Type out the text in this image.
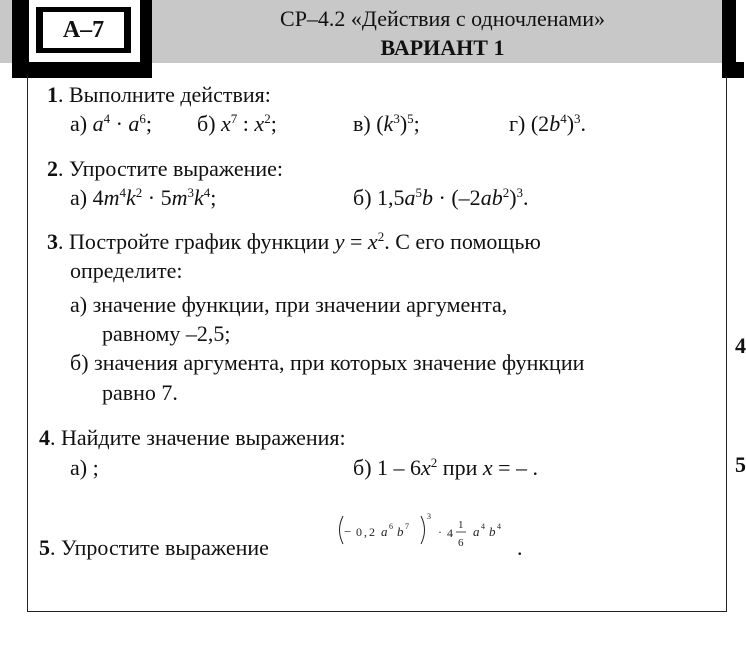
А–7	СР–4.2 «Действия с одночленами»
ВАРИАНТ 1
1. Выполните действия:
а) $a^4 \cdot a^6$; б) $x^7$ : $x^2$;	в) $(k^3)^5$;	г) $(2b^4)^3$.
2. Упростите выражение:
а) $4m^4k^2 \cdot 5m^3k^4$;	б) $1,5a^5b \cdot (-2ab^2)^3$.
3. Постройте график функции $y = x^2$. С его помощью
определите:
а) значение функции, при значении аргумента,
равному –2,5;
б) значения аргумента, при которых значение функции
равно 7.
4. Найдите значение выражения:
а) ;	б) $1 - 6x^2$ при x = – .
5. Упростите выражение
− 0,2 a 6 b 7
3
· 4
1
6
a 4 b 4
.
4
5
